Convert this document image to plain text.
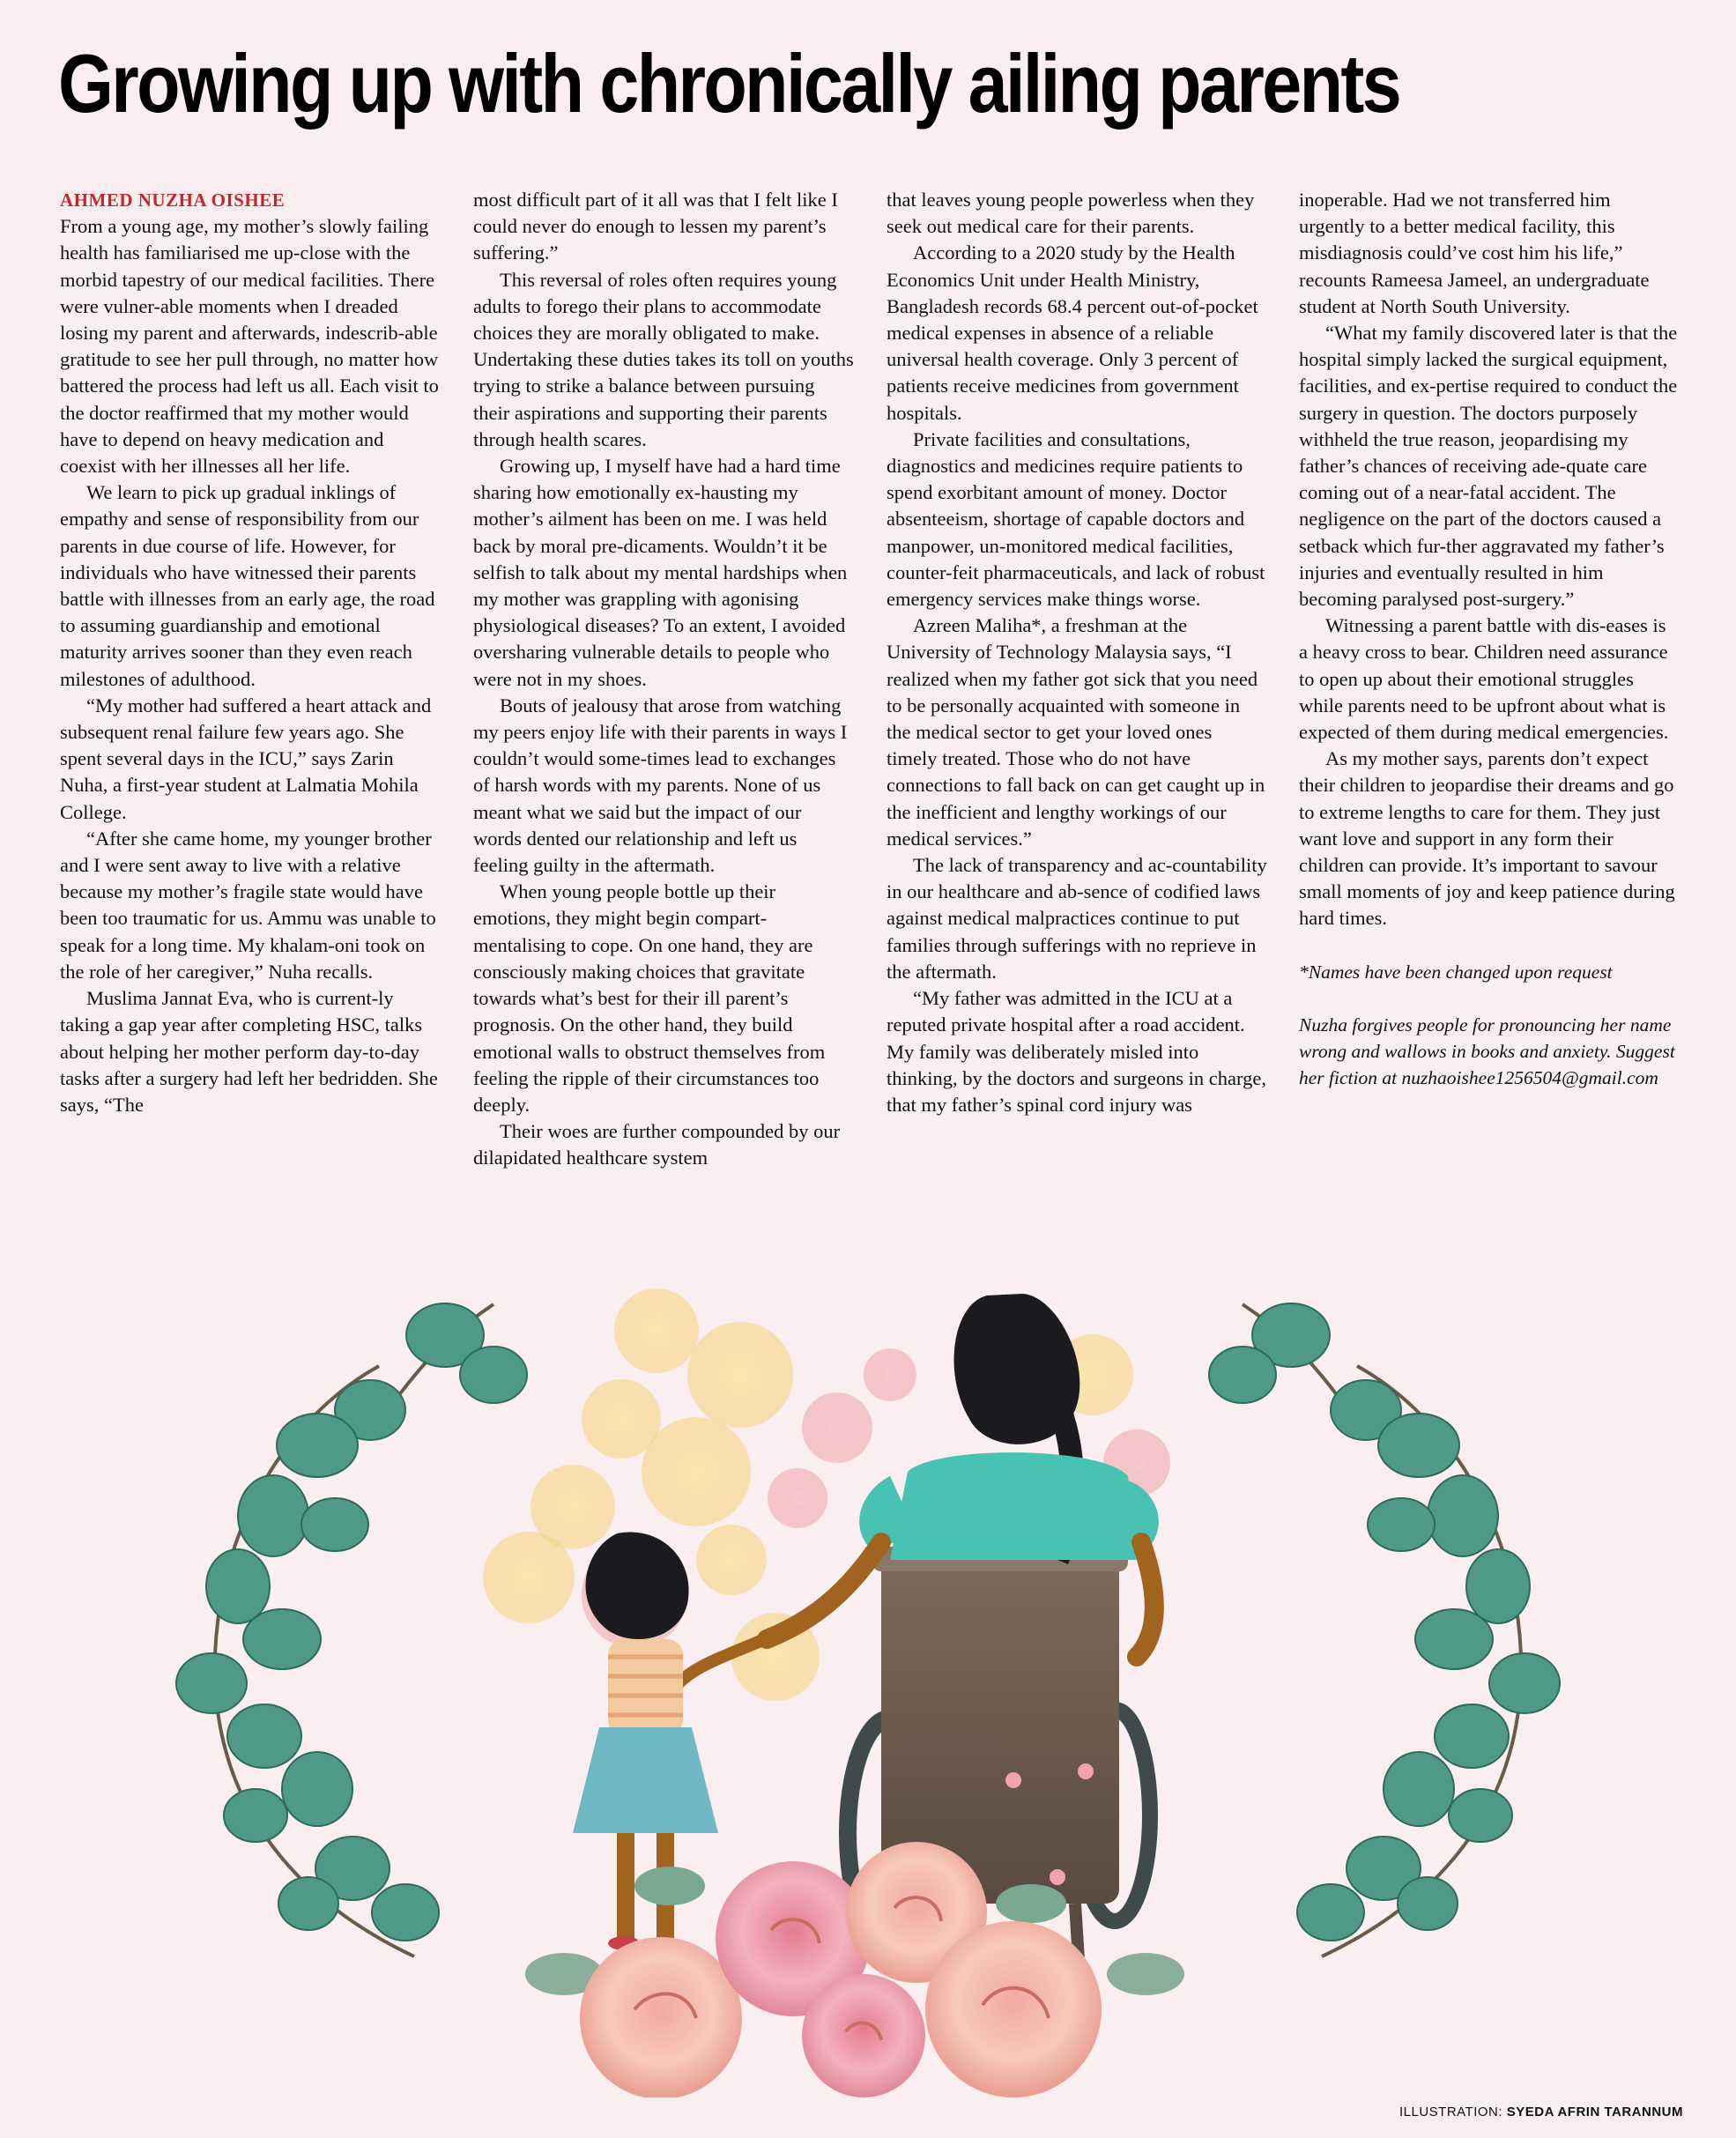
Growing up with chronically ailing parents

AHMED NUZHA OISHEE

From a young age, my mother’s slowly failing health has familiarised me up-close with the morbid tapestry of our medical facilities. There were vulner-able moments when I dreaded losing my parent and afterwards, indescrib-able gratitude to see her pull through, no matter how battered the process had left us all. Each visit to the doctor reaffirmed that my mother would have to depend on heavy medication and coexist with her illnesses all her life.

We learn to pick up gradual inklings of empathy and sense of responsibility from our parents in due course of life. However, for individuals who have witnessed their parents battle with illnesses from an early age, the road to assuming guardianship and emotional maturity arrives sooner than they even reach milestones of adulthood.

“My mother had suffered a heart attack and subsequent renal failure few years ago. She spent several days in the ICU,” says Zarin Nuha, a first-year student at Lalmatia Mohila College.

“After she came home, my younger brother and I were sent away to live with a relative because my mother’s fragile state would have been too traumatic for us. Ammu was unable to speak for a long time. My khalam-oni took on the role of her caregiver,” Nuha recalls.

Muslima Jannat Eva, who is current-ly taking a gap year after completing HSC, talks about helping her mother perform day-to-day tasks after a surgery had left her bedridden. She says, “The

most difficult part of it all was that I felt like I could never do enough to lessen my parent’s suffering.”

This reversal of roles often requires young adults to forego their plans to accommodate choices they are morally obligated to make. Undertaking these duties takes its toll on youths trying to strike a balance between pursuing their aspirations and supporting their parents through health scares.

Growing up, I myself have had a hard time sharing how emotionally ex-hausting my mother’s ailment has been on me. I was held back by moral pre-dicaments. Wouldn’t it be selfish to talk about my mental hardships when my mother was grappling with agonising physiological diseases? To an extent, I avoided oversharing vulnerable details to people who were not in my shoes.

Bouts of jealousy that arose from watching my peers enjoy life with their parents in ways I couldn’t would some-times lead to exchanges of harsh words with my parents. None of us meant what we said but the impact of our words dented our relationship and left us feeling guilty in the aftermath.

When young people bottle up their emotions, they might begin compart-mentalising to cope. On one hand, they are consciously making choices that gravitate towards what’s best for their ill parent’s prognosis. On the other hand, they build emotional walls to obstruct themselves from feeling the ripple of their circumstances too deeply.

Their woes are further compounded by our dilapidated healthcare system

that leaves young people powerless when they seek out medical care for their parents.

According to a 2020 study by the Health Economics Unit under Health Ministry, Bangladesh records 68.4 percent out-of-pocket medical expenses in absence of a reliable universal health coverage. Only 3 percent of patients receive medicines from government hospitals.

Private facilities and consultations, diagnostics and medicines require patients to spend exorbitant amount of money. Doctor absenteeism, shortage of capable doctors and manpower, un-monitored medical facilities, counter-feit pharmaceuticals, and lack of robust emergency services make things worse.

Azreen Maliha*, a freshman at the University of Technology Malaysia says, “I realized when my father got sick that you need to be personally acquainted with someone in the medical sector to get your loved ones timely treated. Those who do not have connections to fall back on can get caught up in the inefficient and lengthy workings of our medical services.”

The lack of transparency and ac-countability in our healthcare and ab-sence of codified laws against medical malpractices continue to put families through sufferings with no reprieve in the aftermath.

“My father was admitted in the ICU at a reputed private hospital after a road accident. My family was deliberately misled into thinking, by the doctors and surgeons in charge, that my father’s spinal cord injury was

inoperable. Had we not transferred him urgently to a better medical facility, this misdiagnosis could’ve cost him his life,” recounts Rameesa Jameel, an undergraduate student at North South University.

“What my family discovered later is that the hospital simply lacked the surgical equipment, facilities, and ex-pertise required to conduct the surgery in question. The doctors purposely withheld the true reason, jeopardising my father’s chances of receiving ade-quate care coming out of a near-fatal accident. The negligence on the part of the doctors caused a setback which fur-ther aggravated my father’s injuries and eventually resulted in him becoming paralysed post-surgery.”

Witnessing a parent battle with dis-eases is a heavy cross to bear. Children need assurance to open up about their emotional struggles while parents need to be upfront about what is expected of them during medical emergencies.

As my mother says, parents don’t expect their children to jeopardise their dreams and go to extreme lengths to care for them. They just want love and support in any form their children can provide. It’s important to savour small moments of joy and keep patience during hard times.

*Names have been changed upon request

Nuzha forgives people for pronouncing her name wrong and wallows in books and anxiety. Suggest her fiction at nuzhaoishee1256504@gmail.com

ILLUSTRATION: SYEDA AFRIN TARANNUM
